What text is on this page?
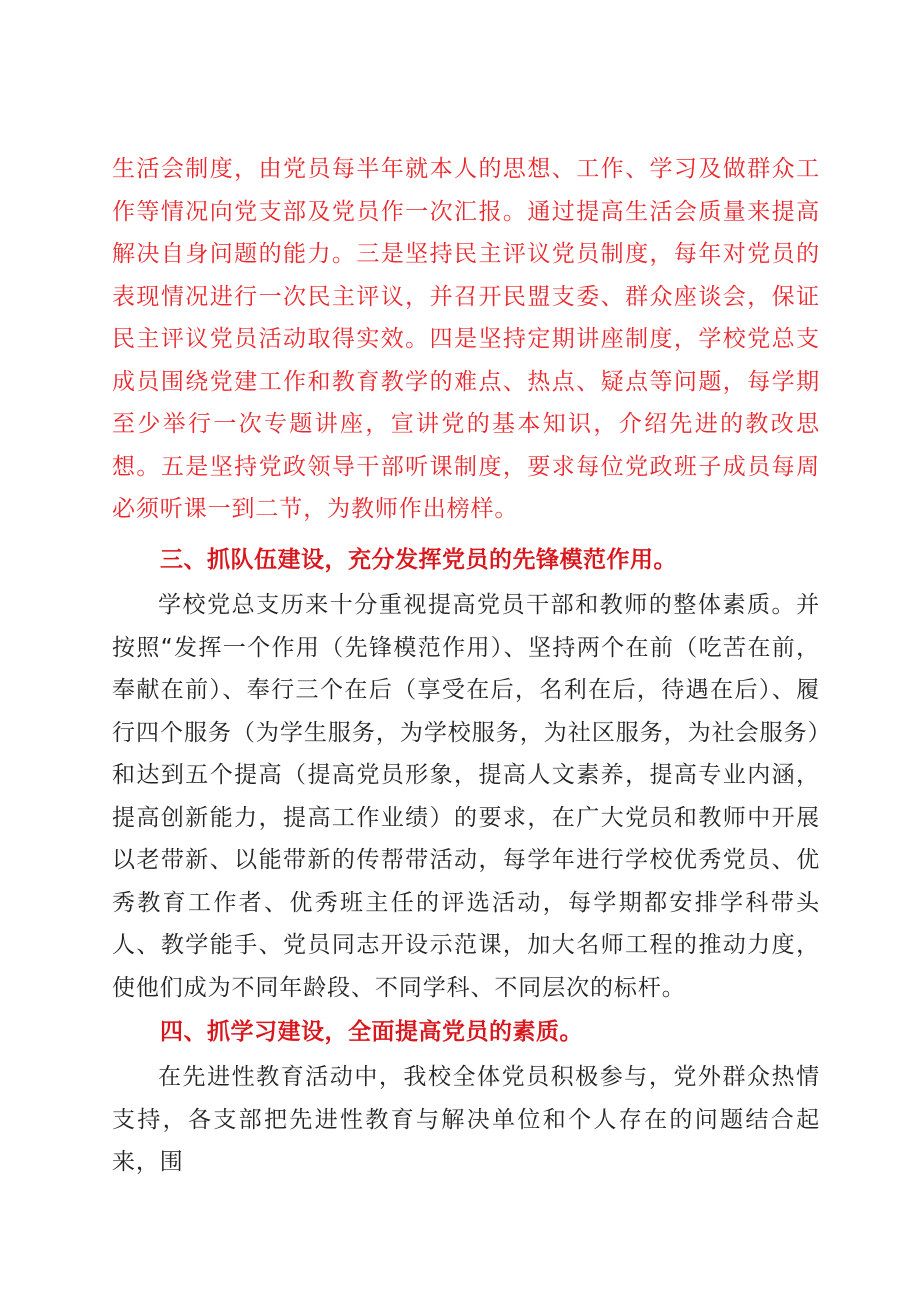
生活会制度，由党员每半年就本人的思想、工作、学习及做群众工作等情况向党支部及党员作一次汇报。通过提高生活会质量来提高解决自身问题的能力。三是坚持民主评议党员制度，每年对党员的表现情况进行一次民主评议，并召开民盟支委、群众座谈会，保证民主评议党员活动取得实效。四是坚持定期讲座制度，学校党总支成员围绕党建工作和教育教学的难点、热点、疑点等问题，每学期至少举行一次专题讲座，宣讲党的基本知识，介绍先进的教改思想。五是坚持党政领导干部听课制度，要求每位党政班子成员每周必须听课一到二节，为教师作出榜样。

三、抓队伍建设，充分发挥党员的先锋模范作用。

学校党总支历来十分重视提高党员干部和教师的整体素质。并按照“发挥一个作用（先锋模范作用）、坚持两个在前（吃苦在前，奉献在前）、奉行三个在后（享受在后，名利在后，待遇在后）、履行四个服务（为学生服务，为学校服务，为社区服务，为社会服务）和达到五个提高（提高党员形象，提高人文素养，提高专业内涵，提高创新能力，提高工作业绩）的要求，在广大党员和教师中开展以老带新、以能带新的传帮带活动，每学年进行学校优秀党员、优秀教育工作者、优秀班主任的评选活动，每学期都安排学科带头人、教学能手、党员同志开设示范课，加大名师工程的推动力度，使他们成为不同年龄段、不同学科、不同层次的标杆。

四、抓学习建设，全面提高党员的素质。

在先进性教育活动中，我校全体党员积极参与，党外群众热情支持，各支部把先进性教育与解决单位和个人存在的问题结合起来，围
